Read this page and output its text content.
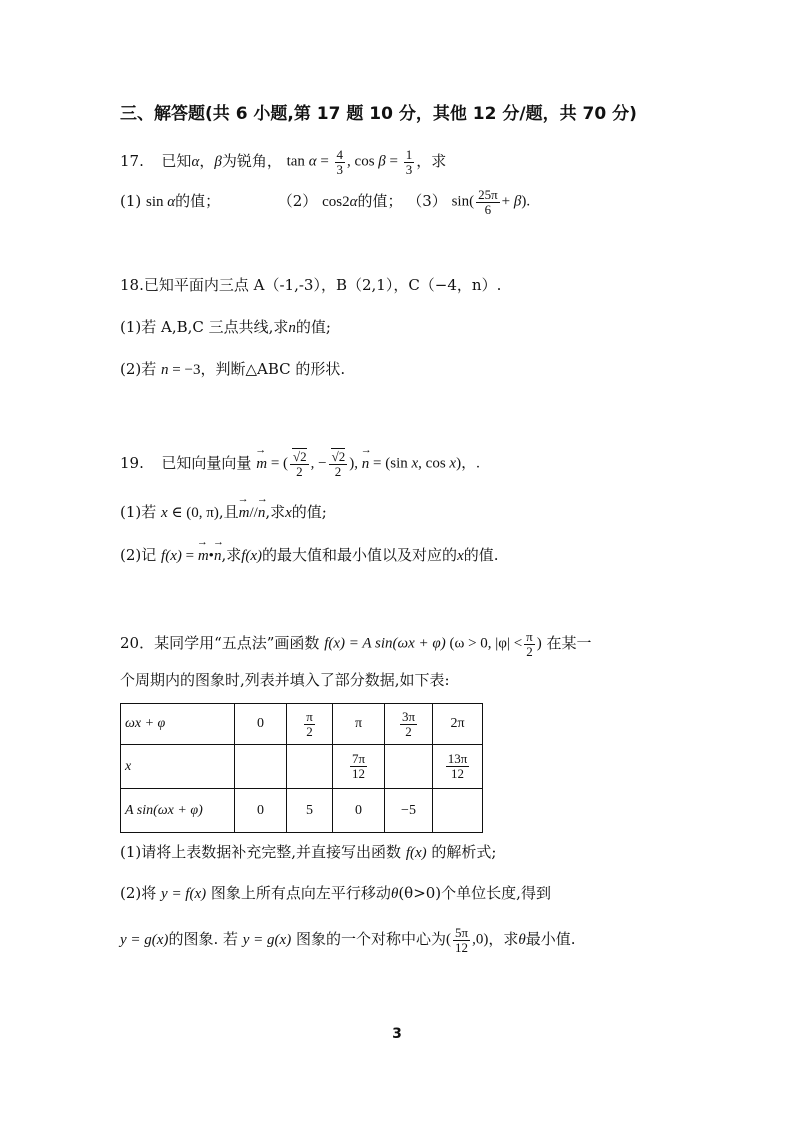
三、解答题(共 6 小题,第 17 题 10 分，其他 12 分/题，共 70 分)
17. 已知α，β为锐角， $\tan \alpha = \frac{4}{3}$ , $\cos \beta = \frac{1}{3}$ ，求
(1) sin α的值；	（2） cos2α的值； （3） $\sin( \frac{25\pi}{6} + \beta)$.
18.已知平面内三点 A（-1,-3），B（2,1），C（−4，n）.
(1)若 A,B,C 三点共线,求n的值;
(2)若 n = −3，判断△ABC 的形状.
19. 已知向量向量 → m = ( $\frac{√2}{2}$ , − $\frac{√2}{2}$ ), → n = (sin x, cos x)，.
(1)若 x ∈ (0, π),且→ m//→ n,求x的值;
(2)记 f(x) = → m•→ n,求f(x)的最大值和最小值以及对应的x的值.
20．某同学用“五点法”画函数 f(x) = A sin(ωx + φ) (ω > 0, $|\varphi| < \frac{\pi}{2}$ ) 在某一
个周期内的图象时,列表并填入了部分数据,如下表:
ωx + φ	0	$\frac{\pi}{2}$	π	$\frac{3\pi}{2}$	2π
x			$\frac{7\pi}{12}$		$\frac{13\pi}{12}$

A sin(ωx + φ)	0	5	0	−5	
(1)请将上表数据补充完整,并直接写出函数 f(x) 的解析式;
(2)将 y = f(x) 图象上所有点向左平行移动θ(θ>0)个单位长度,得到
y = g(x)的图象. 若 y = g(x) 图象的一个对称中心为( $\frac{5\pi}{12} ,0$)，求θ最小值.
3
